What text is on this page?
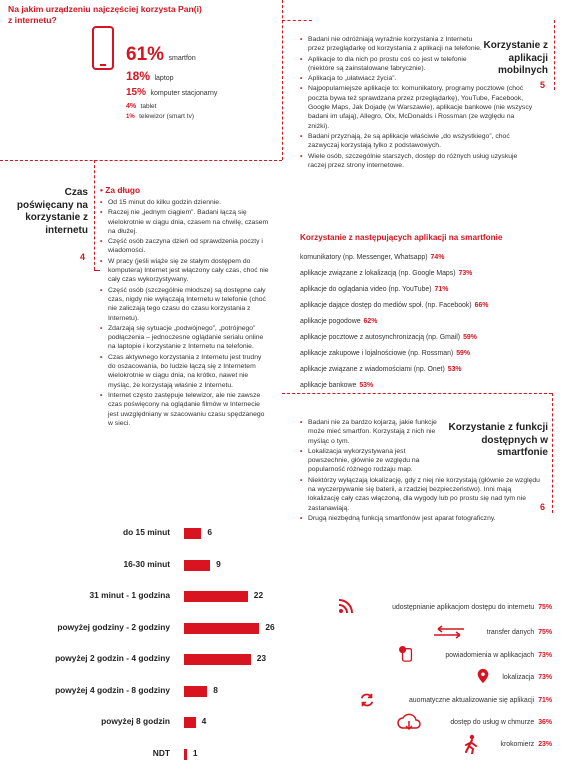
Na jakim urządzeniu najczęściej korzysta Pan(i) z internetu?
61% smartfon
18% laptop
15% komputer stacjonarny
4% tablet
1% telewizor (smart tv)
Korzystanie z aplikacji mobilnych
5
• Badani nie odróżniają wyraźnie korzystania z Internetu przez przeglądarkę od korzystania z aplikacji na telefonie.
• Aplikacje to dla nich po prostu coś co jest w telefonie (niektóre są zainstalowane fabrycznie).
• Aplikacja to „ułatwiacz życia”.
• Najpopularniejsze aplikacje to: komunikatory, programy pocztowe (choć poczta bywa też sprawdzana przez przeglądarkę), YouTube, Facebook, Google Maps, Jak Dojadę (w Warszawie), aplikacje bankowe (nie wszyscy badani im ufają), Allegro, Olx, McDonalds i Rossman (ze względu na zniżki).
• Badani przyznają, że są aplikacje właściwie „do wszystkiego”, choć zazwyczaj korzystają tylko z podstawowych.
• Wiele osób, szczególnie starszych, dostęp do różnych usług uzyskuje raczej przez strony internetowe.
Korzystanie z następujących aplikacji na smartfonie
komunikatory (np. Messenger, Whatsapp) 74%
aplikacje związane z lokalizacją (np. Google Maps) 73%
aplikacje do oglądania video (np. YouTube) 71%
aplikacje dające dostęp do mediów społ. (np. Facebook) 66%
aplikacje pogodowe 62%
aplikacje pocztowe z autosynchronizacją (np. Gmail) 59%
aplikacje zakupowe i lojalnościowe (np. Rossman) 59%
aplikacje związane z wiadomościami (np. Onet) 53%
aplikacje bankowe 53%
Czas poświęcany na korzystanie z internetu
4
• Za długo
• Od 15 minut do kilku godzin dziennie.
• Raczej nie „jednym ciągiem”. Badani łączą się wielokrotnie w ciągu dnia, czasem na chwilę, czasem na dłużej.
• Część osób zaczyna dzień od sprawdzenia poczty i wiadomości.
• W pracy (jeśli wiąże się ze stałym dostępem do komputera) Internet jest włączony cały czas, choć nie cały czas wykorzystywany.
• Część osób (szczególnie młodsze) są dostępne cały czas, nigdy nie wyłączają Internetu w telefonie (choć nie zaliczają tego czasu do czasu korzystania z Internetu).
• Zdarzają się sytuacje „podwójnego”, „potrójnego” podłączenia – jednoczesne oglądanie serialu online na laptopie i korzystanie z Internetu na telefonie.
• Czas aktywnego korzystania z Internetu jest trudny do oszacowania, bo ludzie łączą się z Internetem wielokrotnie w ciągu dnia, na krótko, nawet nie myśląc, że korzystają właśnie z Internetu.
• Internet często zastępuje telewizor, ale nie zawsze czas poświęcony na oglądanie filmów w Internecie jest uwzględniany w szacowaniu czasu spędzanego w sieci.
do 15 minut	6
16-30 minut	9
31 minut - 1 godzina	22
powyżej godziny - 2 godziny	26
powyżej 2 godzin - 4 godziny	23
powyżej 4 godzin - 8 godziny	8
powyżej 8 godzin	4
NDT	1
Korzystanie z funkcji dostępnych w smartfonie
6
• Badani nie za bardzo kojarzą, jakie funkcje może mieć smartfon. Korzystają z nich nie myśląc o tym.
• Lokalizacja wykorzystywana jest powszechnie, głównie ze względu na popularność różnego rodzaju map.
• Niektórzy wyłączają lokalizację, gdy z niej nie korzystają (głównie ze względu na wyczerpywanie się baterii, a rzadziej bezpieczeństwo). Inni mają lokalizację cały czas włączoną, dla wygody lub po prostu się nad tym nie zastanawiają.
• Drugą niezbędną funkcją smartfonów jest aparat fotograficzny.
udostępnianie aplikacjom dostępu do internetu 75%
transfer danych 75%
powiadomienia w aplikacjach 73%
lokalizacja 73%
auomatyczne aktualizowanie się aplikacji 71%
dostęp do usług w chmurze 36%
krokomierz 23%
